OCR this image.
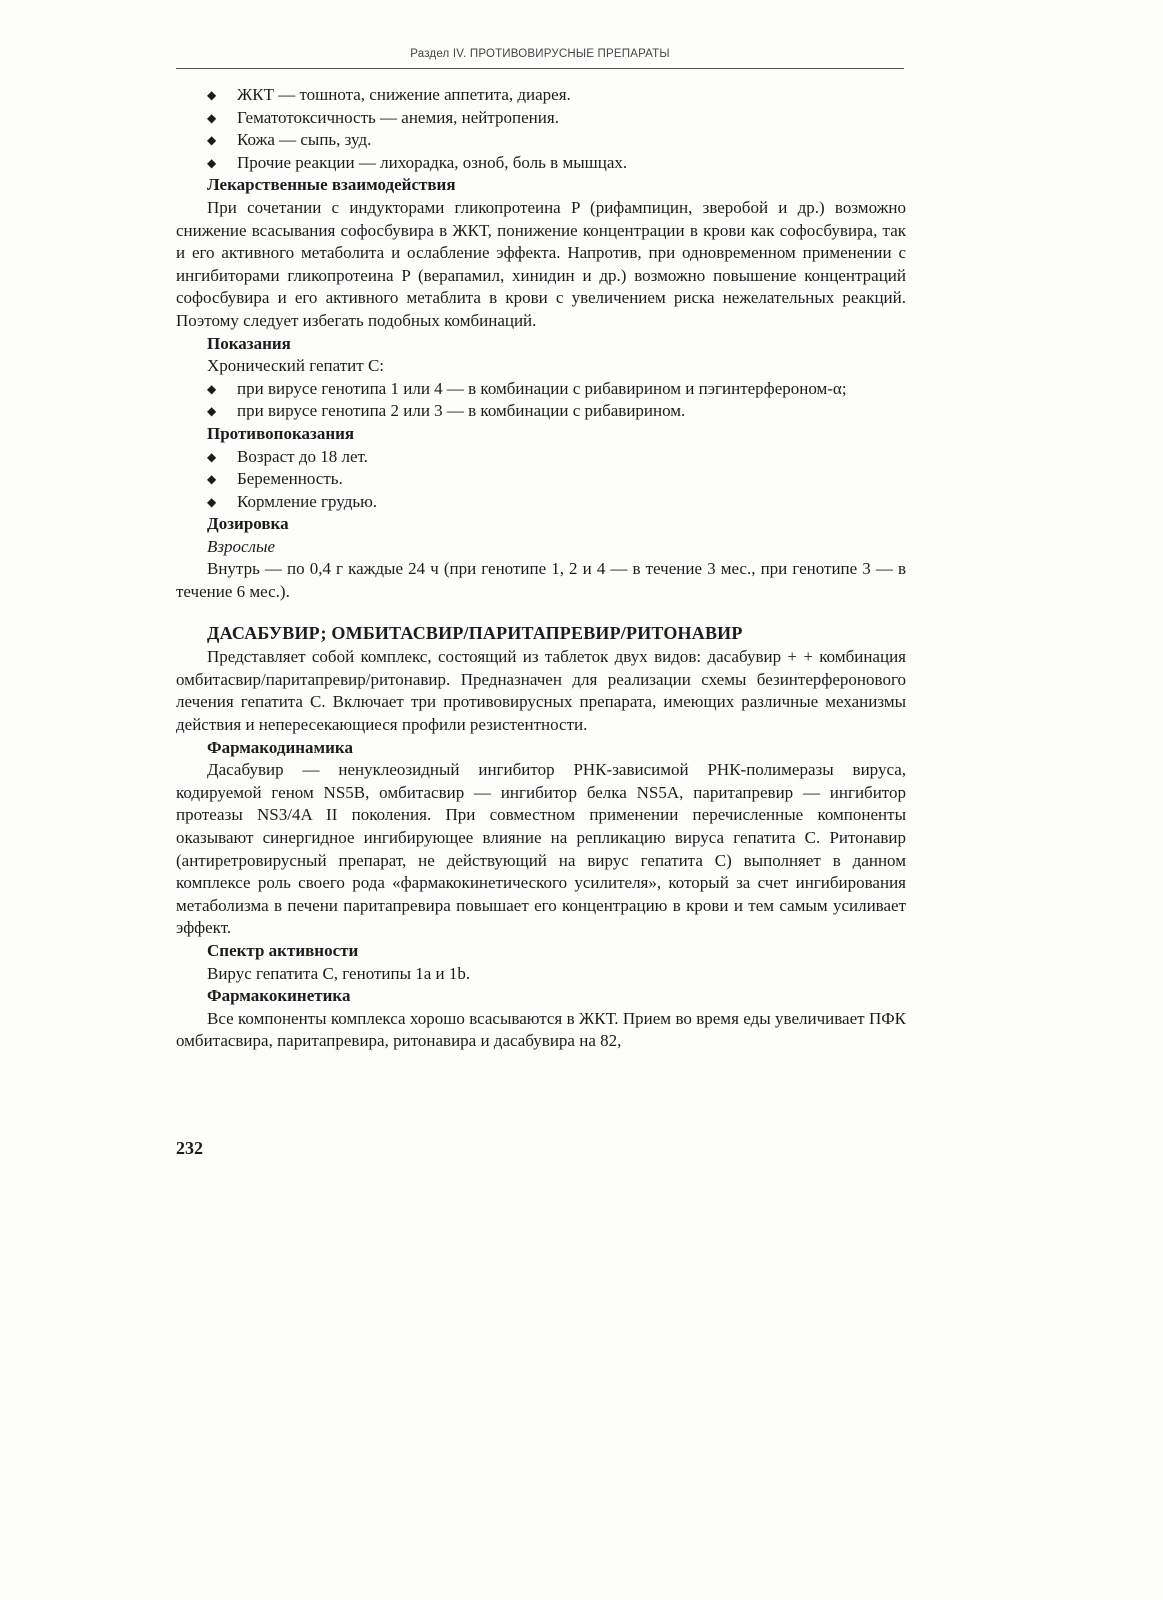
Раздел IV. ПРОТИВОВИРУСНЫЕ ПРЕПАРАТЫ
◆ ЖКТ — тошнота, снижение аппетита, диарея.
◆ Гематотоксичность — анемия, нейтропения.
◆ Кожа — сыпь, зуд.
◆ Прочие реакции — лихорадка, озноб, боль в мышцах.
Лекарственные взаимодействия
При сочетании с индукторами гликопротеина P (рифампицин, зверобой и др.) возможно снижение всасывания софосбувира в ЖКТ, понижение концентрации в крови как софосбувира, так и его активного метаболита и ослабление эффекта. Напротив, при одновременном применении с ингибиторами гликопротеина P (верапамил, хинидин и др.) возможно повышение концентраций софосбувира и его активного метаблита в крови с увеличением риска нежелательных реакций. Поэтому следует избегать подобных комбинаций.
Показания
Хронический гепатит С:
◆ при вирусе генотипа 1 или 4 — в комбинации с рибавирином и пэгинтерфероном-α;
◆ при вирусе генотипа 2 или 3 — в комбинации с рибавирином.
Противопоказания
◆ Возраст до 18 лет.
◆ Беременность.
◆ Кормление грудью.
Дозировка
Взрослые
Внутрь — по 0,4 г каждые 24 ч (при генотипе 1, 2 и 4 — в течение 3 мес., при генотипе 3 — в течение 6 мес.).
ДАСАБУВИР; ОМБИТАСВИР/ПАРИТАПРЕВИР/РИТОНАВИР
Представляет собой комплекс, состоящий из таблеток двух видов: дасабувир + + комбинация омбитасвир/паритапревир/ритонавир. Предназначен для реализации схемы безинтерферонового лечения гепатита С. Включает три противовирусных препарата, имеющих различные механизмы действия и непересекающиеся профили резистентности.
Фармакодинамика
Дасабувир — ненуклеозидный ингибитор РНК-зависимой РНК-полимеразы вируса, кодируемой геном NS5B, омбитасвир — ингибитор белка NS5A, паритапревир — ингибитор протеазы NS3/4A II поколения. При совместном применении перечисленные компоненты оказывают синергидное ингибирующее влияние на репликацию вируса гепатита С. Ритонавир (антиретровирусный препарат, не действующий на вирус гепатита С) выполняет в данном комплексе роль своего рода «фармакокинетического усилителя», который за счет ингибирования метаболизма в печени паритапревира повышает его концентрацию в крови и тем самым усиливает эффект.
Спектр активности
Вирус гепатита С, генотипы 1a и 1b.
Фармакокинетика
Все компоненты комплекса хорошо всасываются в ЖКТ. Прием во время еды увеличивает ПФК омбитасвира, паритапревира, ритонавира и дасабувира на 82,
232
